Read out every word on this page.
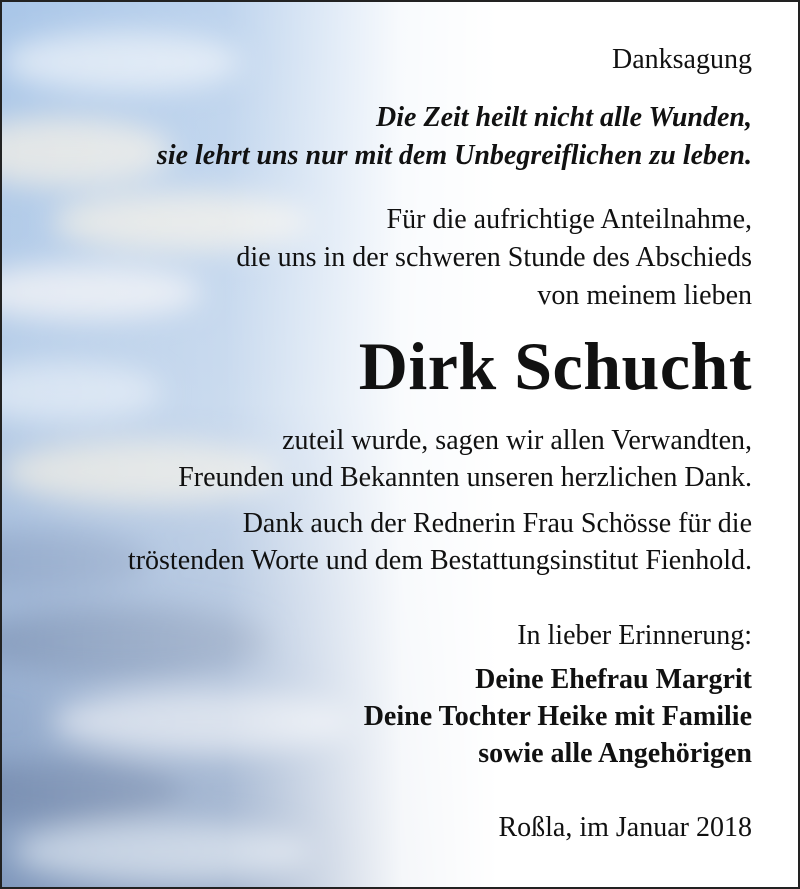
Danksagung
Die Zeit heilt nicht alle Wunden,
sie lehrt uns nur mit dem Unbegreiflichen zu leben.
Für die aufrichtige Anteilnahme,
die uns in der schweren Stunde des Abschieds
von meinem lieben
Dirk Schucht
zuteil wurde, sagen wir allen Verwandten,
Freunden und Bekannten unseren herzlichen Dank.
Dank auch der Rednerin Frau Schösse für die
tröstenden Worte und dem Bestattungsinstitut Fienhold.
In lieber Erinnerung:
Deine Ehefrau Margrit
Deine Tochter Heike mit Familie
sowie alle Angehörigen
Roßla, im Januar 2018
